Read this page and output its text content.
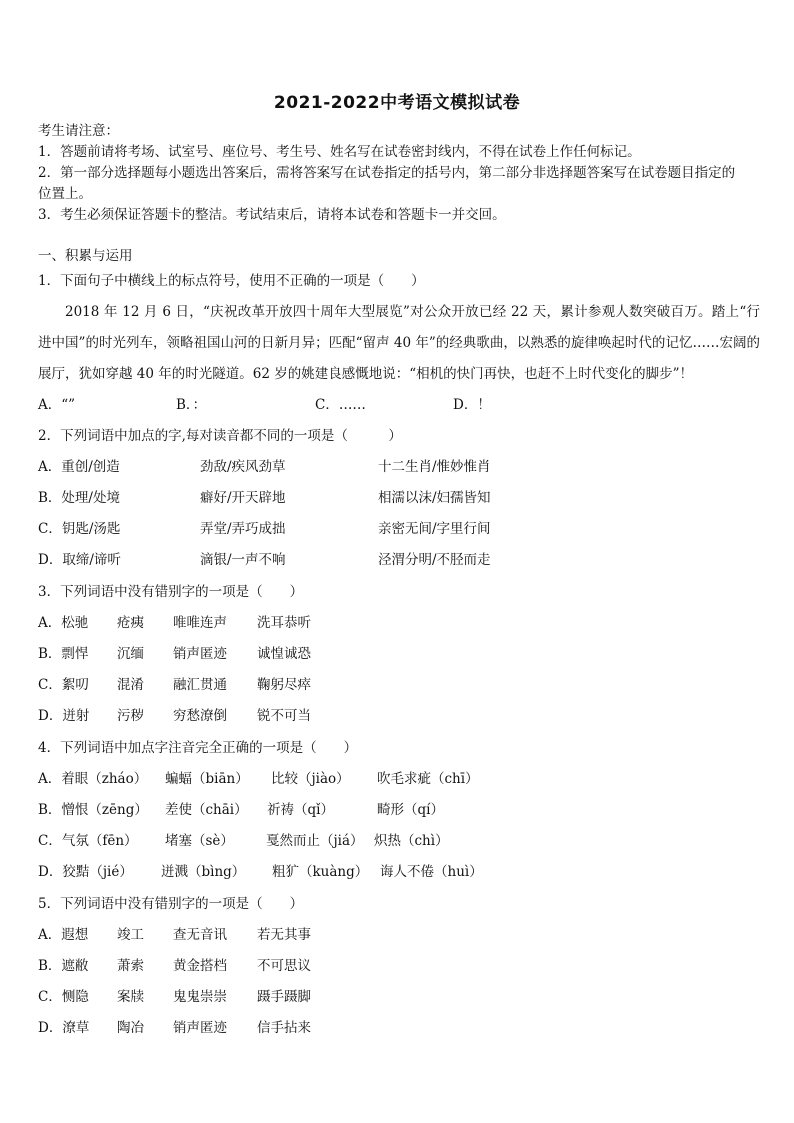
2021-2022中考语文模拟试卷
考生请注意：
1．答题前请将考场、试室号、座位号、考生号、姓名写在试卷密封线内，不得在试卷上作任何标记。
2．第一部分选择题每小题选出答案后，需将答案写在试卷指定的括号内，第二部分非选择题答案写在试卷题目指定的
位置上。
3．考生必须保证答题卡的整洁。考试结束后，请将本试卷和答题卡一并交回。
一、积累与运用
1．下面句子中横线上的标点符号，使用不正确的一项是（　　）
2018 年 12 月 6 日，“庆祝改革开放四十周年大型展览”对公众开放已经 22 天，累计参观人数突破百万。踏上“行进中国”的时光列车，领略祖国山河的日新月异；匹配“留声 40 年”的经典歌曲，以熟悉的旋律唤起时代的记忆……宏阔的展厅，犹如穿越 40 年的时光隧道。62 岁的姚建良感慨地说：“相机的快门再快，也赶不上时代变化的脚步”！
A．“”	B．：	C．……	D．！
2．下列词语中加点的字,每对读音都不同的一项是（　　　）
A．重创/创造	劲敌/疾风劲草	十二生肖/惟妙惟肖
B．处理/处境	癖好/开天辟地	相濡以沫/妇孺皆知
C．钥匙/汤匙	弄堂/弄巧成拙	亲密无间/字里行间
D．取缔/谛听	滴银/一声不响	泾渭分明/不胫而走
3．下列词语中没有错别字的一项是（　　）
A．松驰 疮痍 唯唯连声 洗耳恭听
B．剽悍 沉缅 销声匿迹 诚惶诚恐
C．絮叨 混淆 融汇贯通 鞠躬尽瘁
D．迸射 污秽 穷愁潦倒 锐不可当
4．下列词语中加点字注音完全正确的一项是（　　）
A．着眼（zháo） 蝙蝠（biān） 比较（jiào） 吹毛求疵（chī）
B．憎恨（zēng） 差使（chāi） 祈祷（qǐ）	畸形（qí）
C．气氛（fēn） 堵塞（sè） 戛然而止（jiá） 炽热（chì）
D．狡黠（jié） 迸溅（bìng） 粗犷（kuàng） 诲人不倦（huì）
5．下列词语中没有错别字的一项是（　　）
A．遐想 竣工 查无音讯 若无其事
B．遮敝 萧索 黄金搭档 不可思议
C．恻隐 案牍 鬼鬼崇崇 蹑手蹑脚
D．潦草 陶冶 销声匿迹 信手拈来
